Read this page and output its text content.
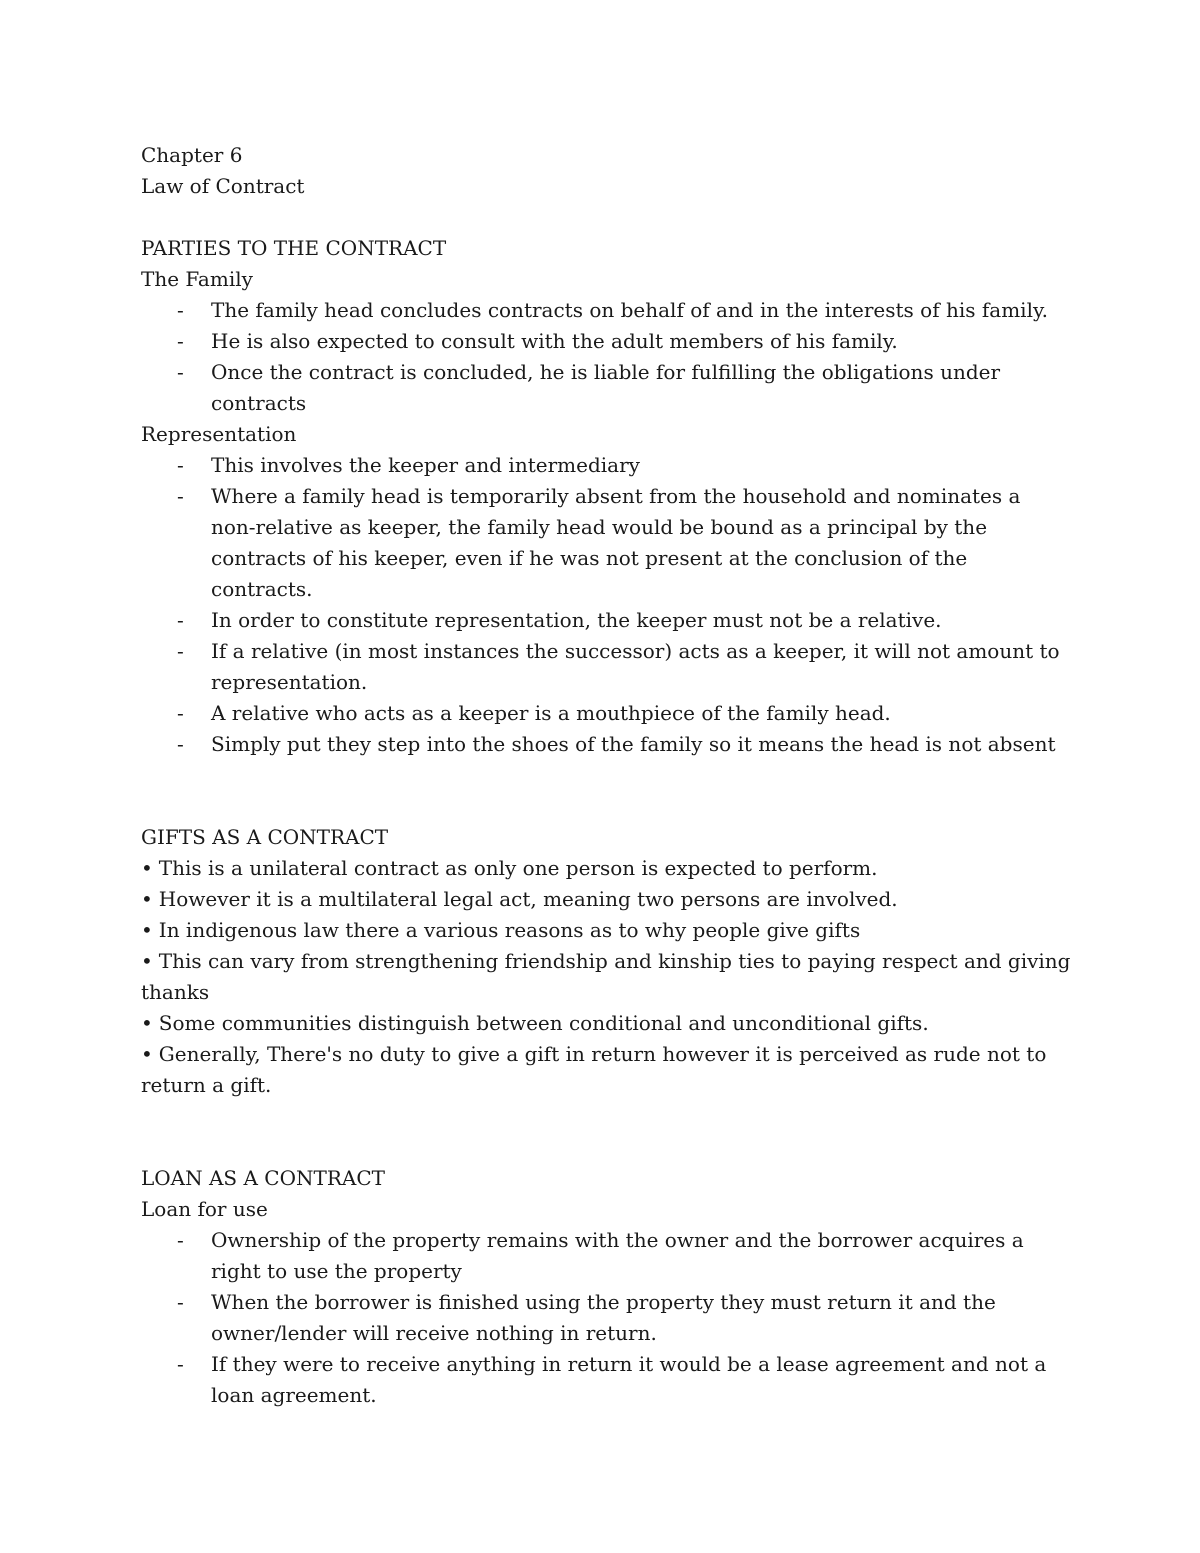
Chapter 6

Law of Contract

PARTIES TO THE CONTRACT

The Family

- The family head concludes contracts on behalf of and in the interests of his family.
- He is also expected to consult with the adult members of his family.
- Once the contract is concluded, he is liable for fulfilling the obligations under contracts

Representation

- This involves the keeper and intermediary
- Where a family head is temporarily absent from the household and nominates a non-relative as keeper, the family head would be bound as a principal by the contracts of his keeper, even if he was not present at the conclusion of the contracts.
- In order to constitute representation, the keeper must not be a relative.
- If a relative (in most instances the successor) acts as a keeper, it will not amount to representation.
- A relative who acts as a keeper is a mouthpiece of the family head.
- Simply put they step into the shoes of the family so it means the head is not absent

GIFTS AS A CONTRACT

• This is a unilateral contract as only one person is expected to perform.
• However it is a multilateral legal act, meaning two persons are involved.
• In indigenous law there a various reasons as to why people give gifts
• This can vary from strengthening friendship and kinship ties to paying respect and giving thanks
• Some communities distinguish between conditional and unconditional gifts.
• Generally, There's no duty to give a gift in return however it is perceived as rude not to return a gift.

LOAN AS A CONTRACT

Loan for use

- Ownership of the property remains with the owner and the borrower acquires a right to use the property
- When the borrower is finished using the property they must return it and the owner/lender will receive nothing in return.
- If they were to receive anything in return it would be a lease agreement and not a loan agreement.
